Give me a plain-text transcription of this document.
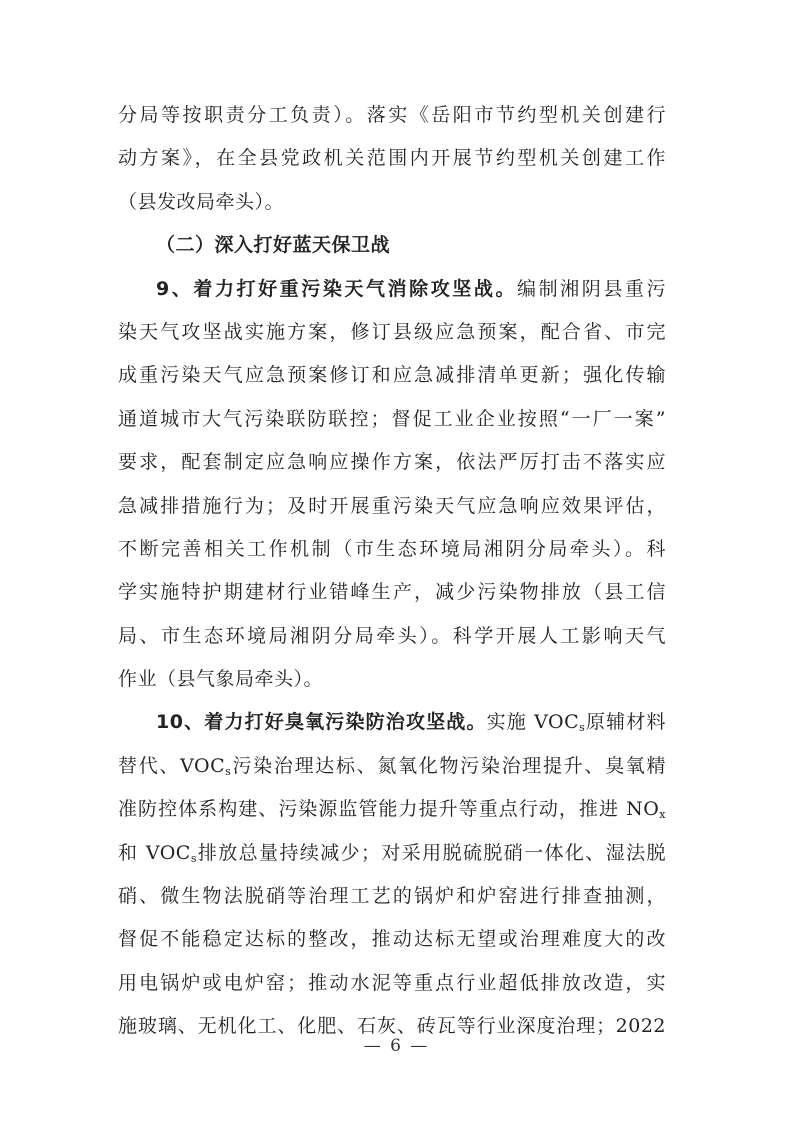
分局等按职责分工负责）。落实《岳阳市节约型机关创建行
动方案》，在全县党政机关范围内开展节约型机关创建工作
（县发改局牵头）。
（二）深入打好蓝天保卫战
9、着力打好重污染天气消除攻坚战。编制湘阴县重污
染天气攻坚战实施方案，修订县级应急预案，配合省、市完
成重污染天气应急预案修订和应急减排清单更新；强化传输
通道城市大气污染联防联控；督促工业企业按照“一厂一案”
要求，配套制定应急响应操作方案，依法严厉打击不落实应
急减排措施行为；及时开展重污染天气应急响应效果评估，
不断完善相关工作机制（市生态环境局湘阴分局牵头）。科
学实施特护期建材行业错峰生产，减少污染物排放（县工信
局、市生态环境局湘阴分局牵头）。科学开展人工影响天气
作业（县气象局牵头）。
10、着力打好臭氧污染防治攻坚战。实施 $VOC_s$原辅材料
替代、$VOC_s$污染治理达标、氮氧化物污染治理提升、臭氧精
准防控体系构建、污染源监管能力提升等重点行动，推进 $NO_x$
和 $VOC_s$排放总量持续减少；对采用脱硫脱硝一体化、湿法脱
硝、微生物法脱硝等治理工艺的锅炉和炉窑进行排查抽测，
督促不能稳定达标的整改，推动达标无望或治理难度大的改
用电锅炉或电炉窑；推动水泥等重点行业超低排放改造，实
施玻璃、无机化工、化肥、石灰、砖瓦等行业深度治理；2022
— 6 —
